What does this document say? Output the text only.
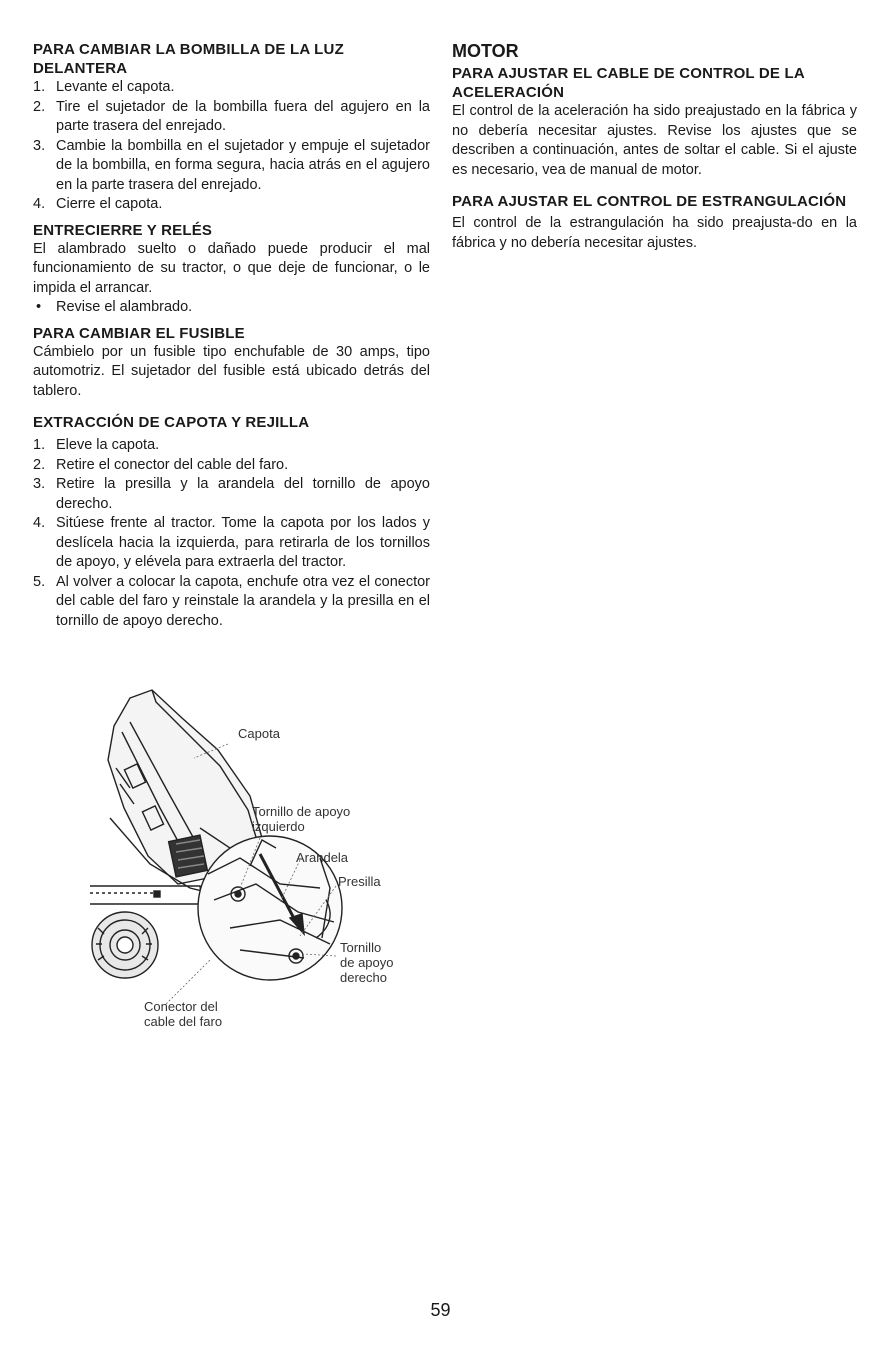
PARA CAMBIAR LA BOMBILLA DE LA LUZ DELANTERA
1. Levante el capota.
2. Tire el sujetador de la bombilla fuera del agujero en la parte trasera del enrejado.
3. Cambie la bombilla en el sujetador y empuje el sujetador de la bombilla, en forma segura, hacia atrás en el agujero en la parte trasera del enrejado.
4. Cierre el capota.
ENTRECIERRE Y RELÉS

El alambrado suelto o dañado puede producir el mal funcionamiento de su tractor, o que deje de funcionar, o le impida el arrancar.

• Revise el alambrado.
PARA CAMBIAR EL FUSIBLE

Cámbielo por un fusible tipo enchufable de 30 amps, tipo automotriz. El sujetador del fusible está ubicado detrás del tablero.

EXTRACCIÓN DE CAPOTA Y REJILLA
1. Eleve la capota.
2. Retire el conector del cable del faro.
3. Retire la presilla y la arandela del tornillo de apoyo derecho.
4. Sitúese frente al tractor. Tome la capota por los lados y deslícela hacia la izquierda, para retirarla de los tornillos de apoyo, y elévela para extraerla del tractor.
5. Al volver a colocar la capota, enchufe otra vez el conector del cable del faro y reinstale la arandela y la presilla en el tornillo de apoyo derecho.
Capota
Tornillo de apoyo
izquierdo
Arandela
Presilla
Tornillo
de apoyo
derecho
Conector del
cable del faro
MOTOR
PARA AJUSTAR EL CABLE DE CONTROL DE LA ACELERACIÓN

El control de la aceleración ha sido preajustado en la fábrica y no debería necesitar ajustes. Revise los ajustes que se describen a continuación, antes de soltar el cable. Si el ajuste es necesario, vea de manual de motor.

PARA AJUSTAR EL CONTROL DE ESTRANGULACIÓN

El control de la estrangulación ha sido preajusta-do en la fábrica y no debería necesitar ajustes.

59
